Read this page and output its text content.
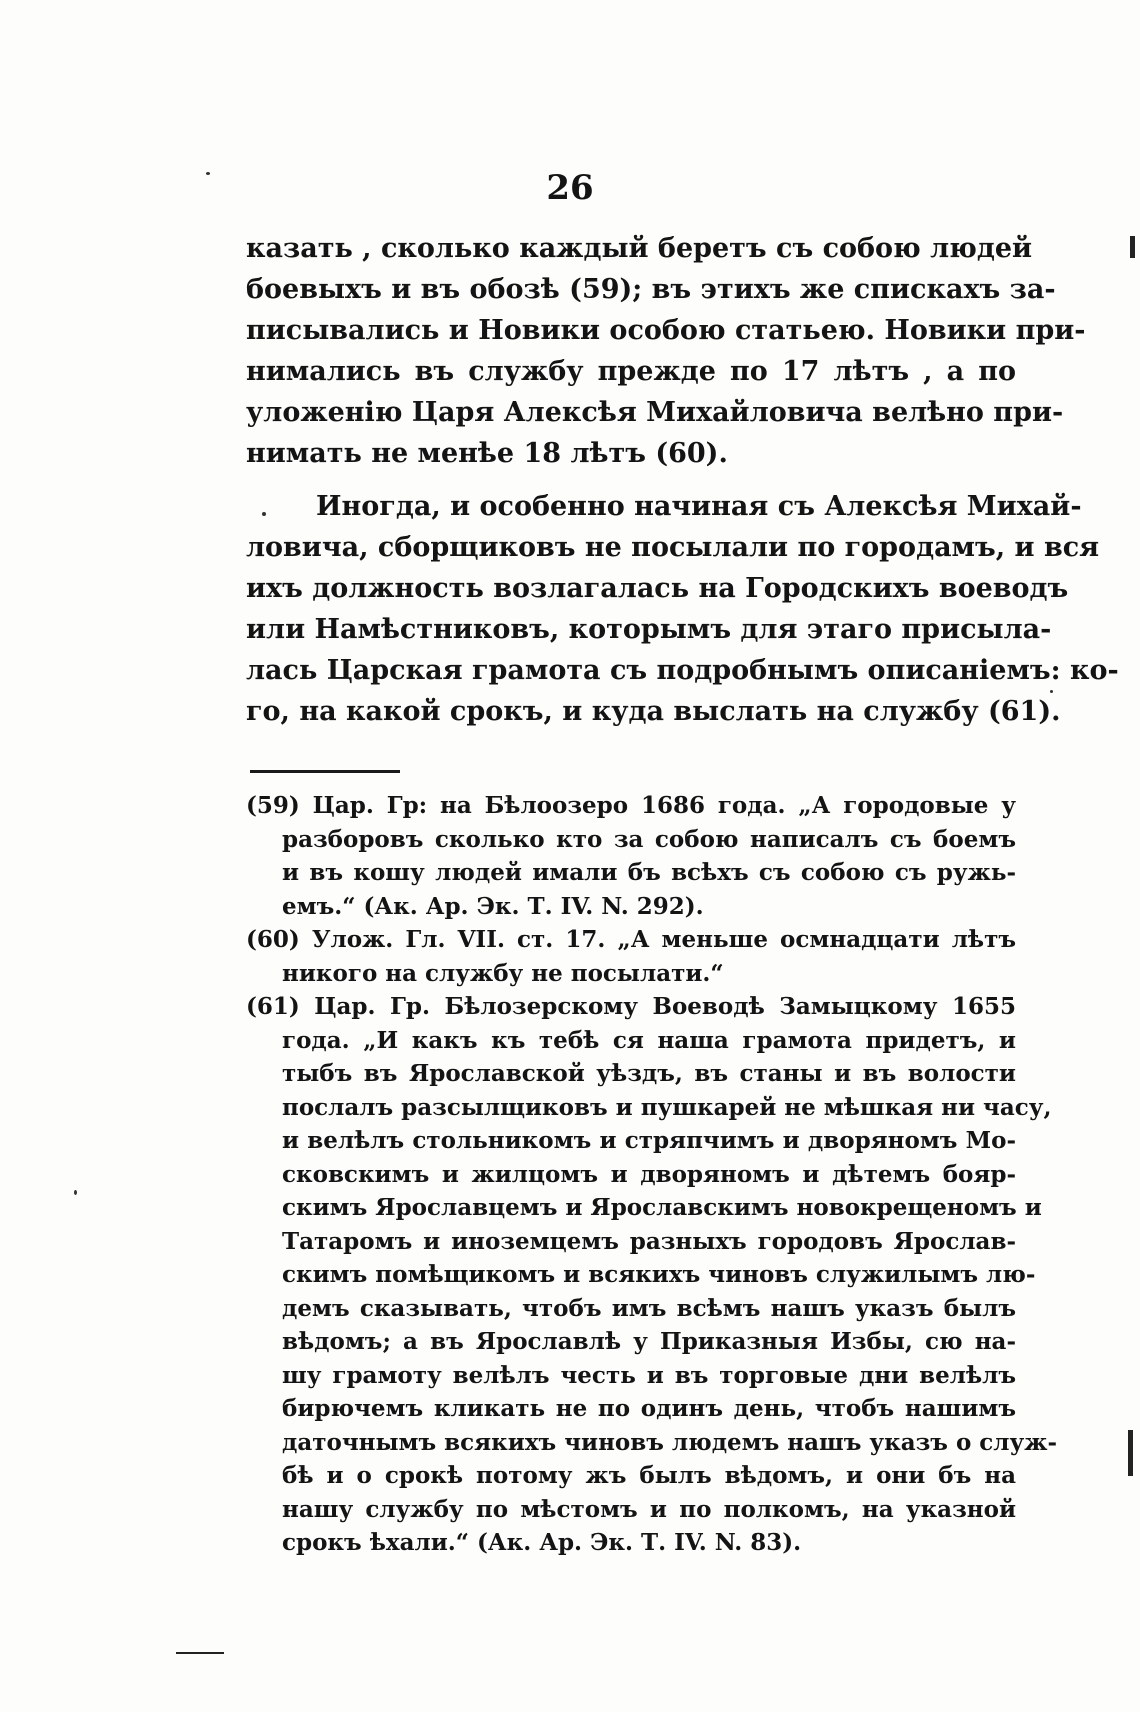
26
казать , сколько каждый беретъ съ собою людей
боевыхъ и въ обозѣ (59); въ этихъ же спискахъ за-
писывались и Новики особою статьею. Новики при-
нимались въ службу прежде по 17 лѣтъ , а по
уложенію Царя Алексѣя Михайловича велѣно при-
нимать не менѣе 18 лѣтъ (60).
Иногда, и особенно начиная съ Алексѣя Михай-
ловича, сборщиковъ не посылали по городамъ, и вся
ихъ должность возлагалась на Городскихъ воеводъ
или Намѣстниковъ, которымъ для этаго присыла-
лась Царская грамота съ подробнымъ описаніемъ: ко-
го, на какой срокъ, и куда выслать на службу (61).
(59) Цар. Гр: на Бѣлоозеро 1686 года. „А городовые у
разборовъ сколько кто за собою написалъ съ боемъ
и въ кошу людей имали бъ всѣхъ съ собою съ ружь-
емъ.“ (Ак. Ар. Эк. Т. IV. N. 292).
(60) Улож. Гл. VII. ст. 17. „А меньше осмнадцати лѣтъ
никого на службу не посылати.“
(61) Цар. Гр. Бѣлозерскому Воеводѣ Замыцкому 1655
года. „И какъ къ тебѣ ся наша грамота придетъ, и
тыбъ въ Ярославской уѣздъ, въ станы и въ волости
послалъ разсылщиковъ и пушкарей не мѣшкая ни часу,
и велѣлъ стольникомъ и стряпчимъ и дворяномъ Мо-
сковскимъ и жилцомъ и дворяномъ и дѣтемъ бояр-
скимъ Ярославцемъ и Ярославскимъ новокрещеномъ и
Татаромъ и иноземцемъ разныхъ городовъ Ярослав-
скимъ помѣщикомъ и всякихъ чиновъ служилымъ лю-
демъ сказывать, чтобъ имъ всѣмъ нашъ указъ былъ
вѣдомъ; а въ Ярославлѣ у Приказныя Избы, сю на-
шу грамоту велѣлъ честь и въ торговые дни велѣлъ
бирючемъ кликать не по одинъ день, чтобъ нашимъ
даточнымъ всякихъ чиновъ людемъ нашъ указъ о служ-
бѣ и о срокѣ потому жъ былъ вѣдомъ, и они бъ на
нашу службу по мѣстомъ и по полкомъ, на указной
срокъ ѣхали.“ (Ак. Ар. Эк. Т. IV. N. 83).
